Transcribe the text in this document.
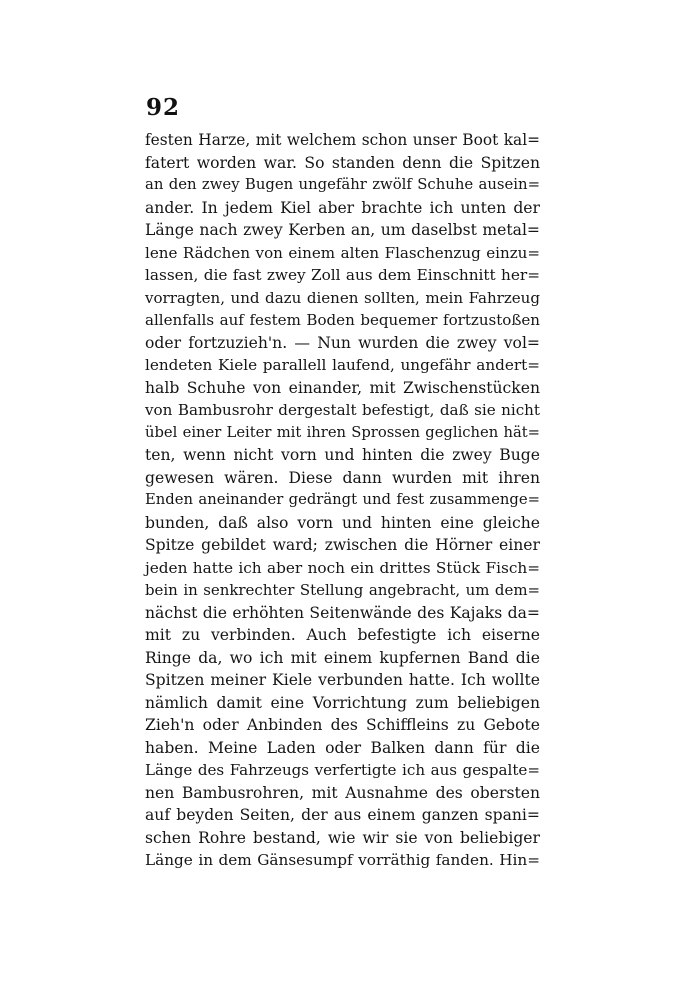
92
festen Harze, mit welchem schon unser Boot kal=
fatert worden war. So standen denn die Spitzen
an den zwey Bugen ungefähr zwölf Schuhe ausein=
ander. In jedem Kiel aber brachte ich unten der
Länge nach zwey Kerben an, um daselbst metal=
lene Rädchen von einem alten Flaschenzug einzu=
lassen, die fast zwey Zoll aus dem Einschnitt her=
vorragten, und dazu dienen sollten, mein Fahrzeug
allenfalls auf festem Boden bequemer fortzustoßen
oder fortzuzieh'n. — Nun wurden die zwey vol=
lendeten Kiele parallell laufend, ungefähr andert=
halb Schuhe von einander, mit Zwischenstücken
von Bambusrohr dergestalt befestigt, daß sie nicht
übel einer Leiter mit ihren Sprossen geglichen hät=
ten, wenn nicht vorn und hinten die zwey Buge
gewesen wären. Diese dann wurden mit ihren
Enden aneinander gedrängt und fest zusammenge=
bunden, daß also vorn und hinten eine gleiche
Spitze gebildet ward; zwischen die Hörner einer
jeden hatte ich aber noch ein drittes Stück Fisch=
bein in senkrechter Stellung angebracht, um dem=
nächst die erhöhten Seitenwände des Kajaks da=
mit zu verbinden. Auch befestigte ich eiserne
Ringe da, wo ich mit einem kupfernen Band die
Spitzen meiner Kiele verbunden hatte. Ich wollte
nämlich damit eine Vorrichtung zum beliebigen
Zieh'n oder Anbinden des Schiffleins zu Gebote
haben. Meine Laden oder Balken dann für die
Länge des Fahrzeugs verfertigte ich aus gespalte=
nen Bambusrohren, mit Ausnahme des obersten
auf beyden Seiten, der aus einem ganzen spani=
schen Rohre bestand, wie wir sie von beliebiger
Länge in dem Gänsesumpf vorräthig fanden. Hin=
